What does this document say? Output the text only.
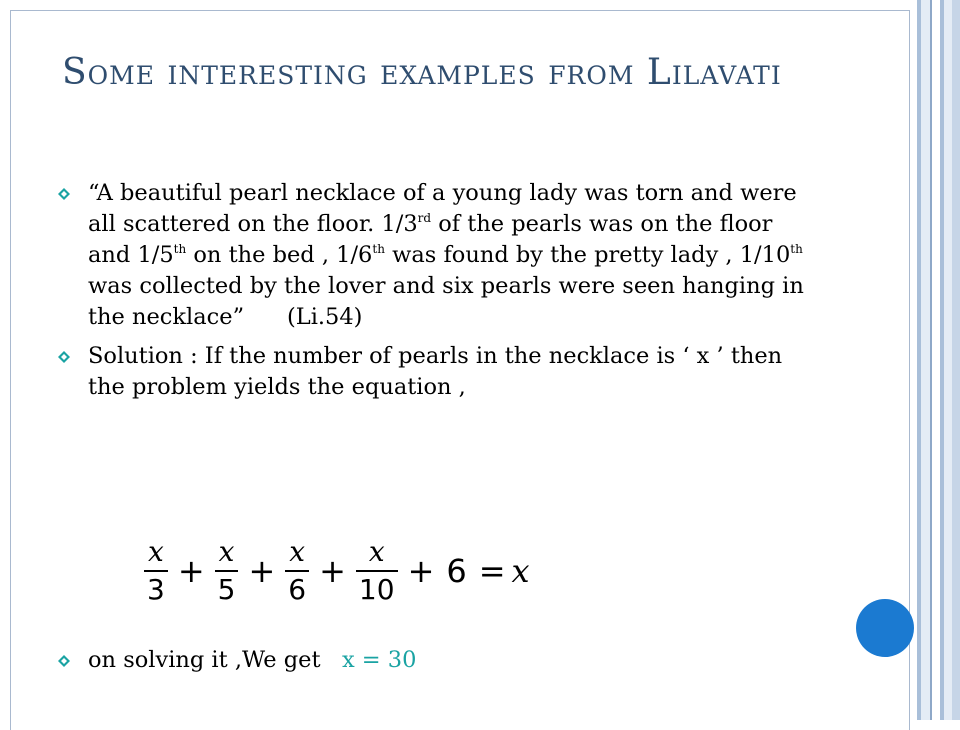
Some interesting examples from Lilavati
“A beautiful pearl necklace of a young lady was torn and were all scattered on the floor. 1/3rd of the pearls was on the floor and 1/5th on the bed , 1/6th was found by the pretty lady , 1/10th  was collected by the lover and six pearls were seen hanging in the necklace”      (Li.54)
Solution : If the number of pearls in the necklace is ‘ x ’ then the problem yields the equation ,
$\frac{x}{3} + \frac{x}{5} + \frac{x}{6} + \frac{x}{10} + 6 = x$
on solving it ,We get   x = 30
